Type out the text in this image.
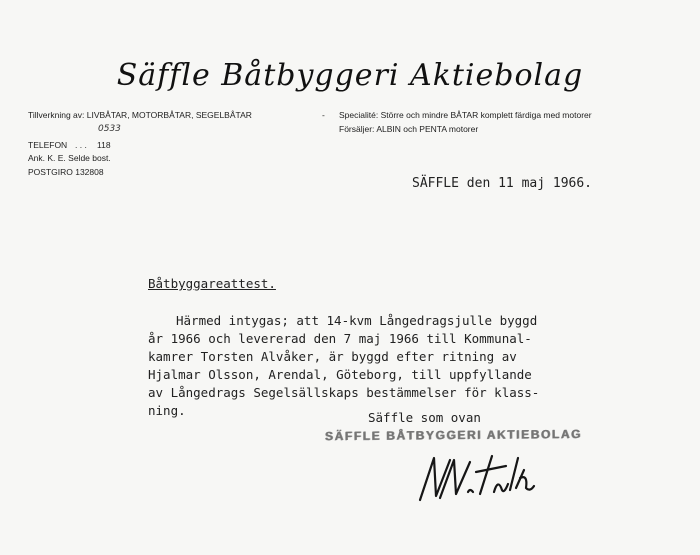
Säffle Båtbyggeri Aktiebolag
Tillverkning av: LIVBÅTAR, MOTORBÅTAR, SEGELBÅTAR	- Specialité: Större och mindre BÅTAR komplett färdiga med motorer
Försäljer: ALBIN och PENTA motorer
0533
TELEFON . . . 118
Ank. K. E. Selde bost.
POSTGIRO 132808
SÄFFLE den 11 maj 1966.
Båtbyggareattest.
Härmed intygas; att 14-kvm Långedragsjulle byggd
år 1966 och levererad den 7 maj 1966 till Kommunal-
kamrer Torsten Alvåker, är byggd efter ritning av
Hjalmar Olsson, Arendal, Göteborg, till uppfyllande
av Långedrags Segelsällskaps bestämmelser för klass-
ning.	Säffle som ovan
SÄFFLE BÅTBYGGERI AKTIEBOLAG
